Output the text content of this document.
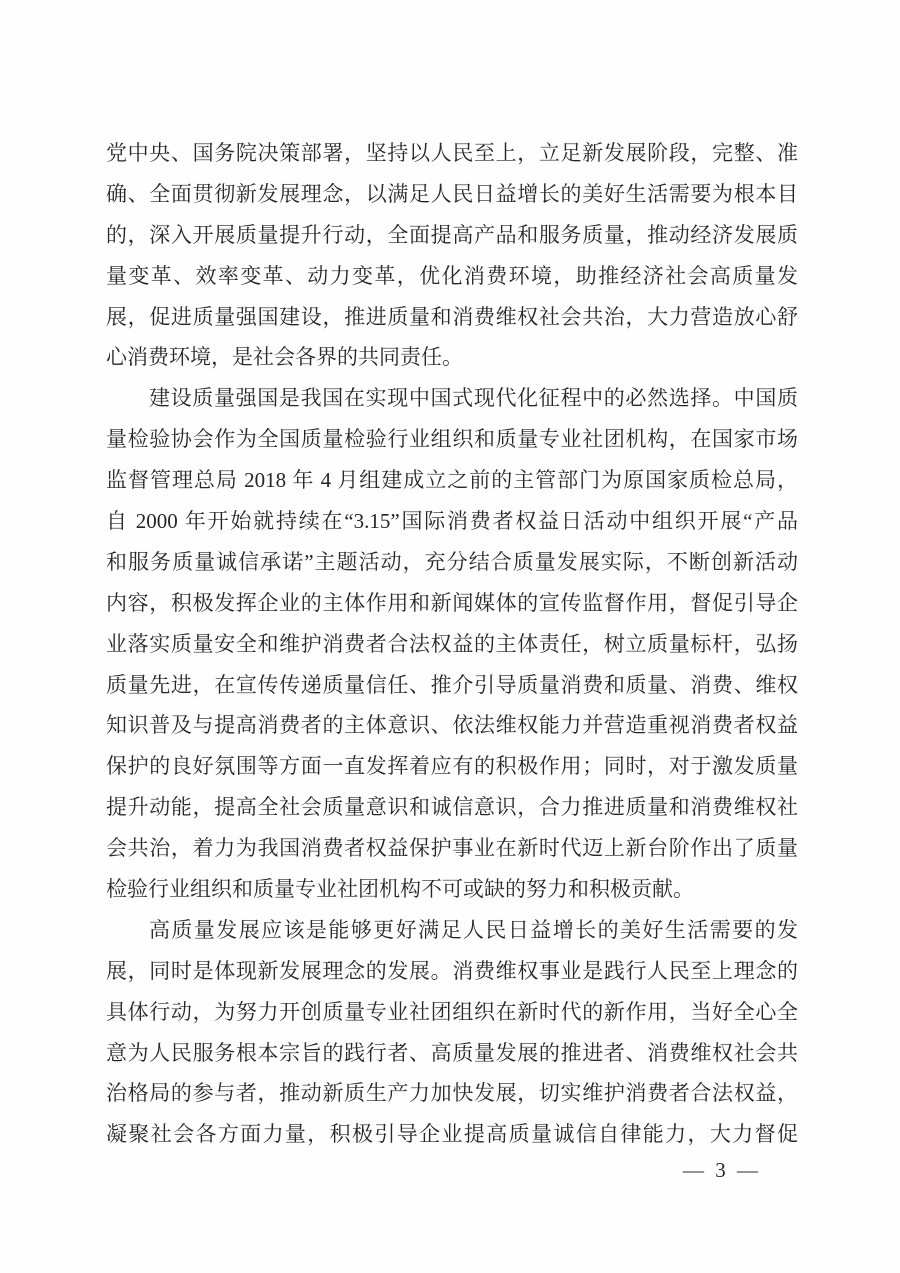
党中央、国务院决策部署，坚持以人民至上，立足新发展阶段，完整、准
确、全面贯彻新发展理念，以满足人民日益增长的美好生活需要为根本目
的，深入开展质量提升行动，全面提高产品和服务质量，推动经济发展质
量变革、效率变革、动力变革，优化消费环境，助推经济社会高质量发
展，促进质量强国建设，推进质量和消费维权社会共治，大力营造放心舒
心消费环境，是社会各界的共同责任。
建设质量强国是我国在实现中国式现代化征程中的必然选择。中国质
量检验协会作为全国质量检验行业组织和质量专业社团机构，在国家市场
监督管理总局 2018 年 4 月组建成立之前的主管部门为原国家质检总局，
自 2000 年开始就持续在“3.15”国际消费者权益日活动中组织开展“产品
和服务质量诚信承诺”主题活动，充分结合质量发展实际，不断创新活动
内容，积极发挥企业的主体作用和新闻媒体的宣传监督作用，督促引导企
业落实质量安全和维护消费者合法权益的主体责任，树立质量标杆，弘扬
质量先进，在宣传传递质量信任、推介引导质量消费和质量、消费、维权
知识普及与提高消费者的主体意识、依法维权能力并营造重视消费者权益
保护的良好氛围等方面一直发挥着应有的积极作用；同时，对于激发质量
提升动能，提高全社会质量意识和诚信意识，合力推进质量和消费维权社
会共治，着力为我国消费者权益保护事业在新时代迈上新台阶作出了质量
检验行业组织和质量专业社团机构不可或缺的努力和积极贡献。
高质量发展应该是能够更好满足人民日益增长的美好生活需要的发
展，同时是体现新发展理念的发展。消费维权事业是践行人民至上理念的
具体行动，为努力开创质量专业社团组织在新时代的新作用，当好全心全
意为人民服务根本宗旨的践行者、高质量发展的推进者、消费维权社会共
治格局的参与者，推动新质生产力加快发展，切实维护消费者合法权益，
凝聚社会各方面力量，积极引导企业提高质量诚信自律能力，大力督促
— 3 —
